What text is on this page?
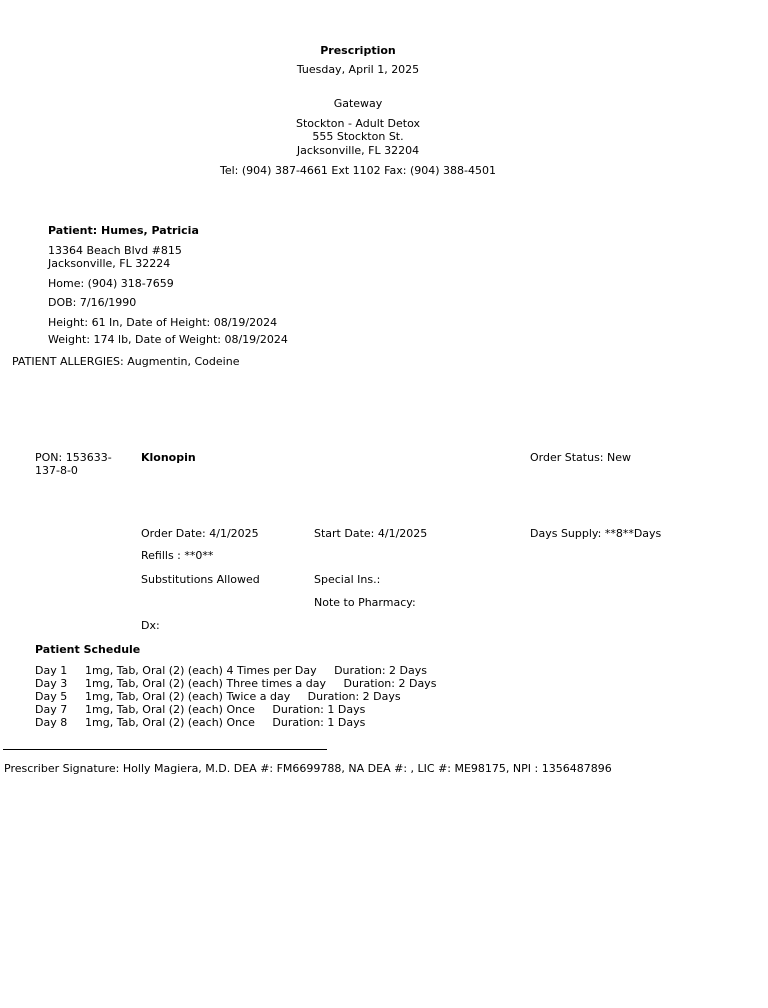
Prescription
Tuesday, April 1, 2025
Gateway
Stockton - Adult Detox
555 Stockton St.
Jacksonville, FL 32204
Tel: (904) 387-4661 Ext 1102 Fax: (904) 388-4501
Patient: Humes, Patricia
13364 Beach Blvd #815
Jacksonville, FL 32224
Home: (904) 318-7659
DOB: 7/16/1990
Height: 61 In, Date of Height: 08/19/2024
Weight: 174 lb, Date of Weight: 08/19/2024
PATIENT ALLERGIES: Augmentin, Codeine
PON: 153633-
137-8-0
Klonopin	Order Status: New
Order Date: 4/1/2025	Start Date: 4/1/2025	Days Supply: **8**Days
Refills : **0**
Substitutions Allowed	Special Ins.:
Note to Pharmacy:
Dx:
Patient Schedule
Day 1 1mg, Tab, Oral (2) (each) 4 Times per Day     Duration: 2 Days
Day 3 1mg, Tab, Oral (2) (each) Three times a day     Duration: 2 Days
Day 5 1mg, Tab, Oral (2) (each) Twice a day     Duration: 2 Days
Day 7 1mg, Tab, Oral (2) (each) Once     Duration: 1 Days
Day 8 1mg, Tab, Oral (2) (each) Once     Duration: 1 Days
Prescriber Signature: Holly Magiera, M.D. DEA #: FM6699788, NA DEA #: , LIC #: ME98175, NPI : 1356487896
